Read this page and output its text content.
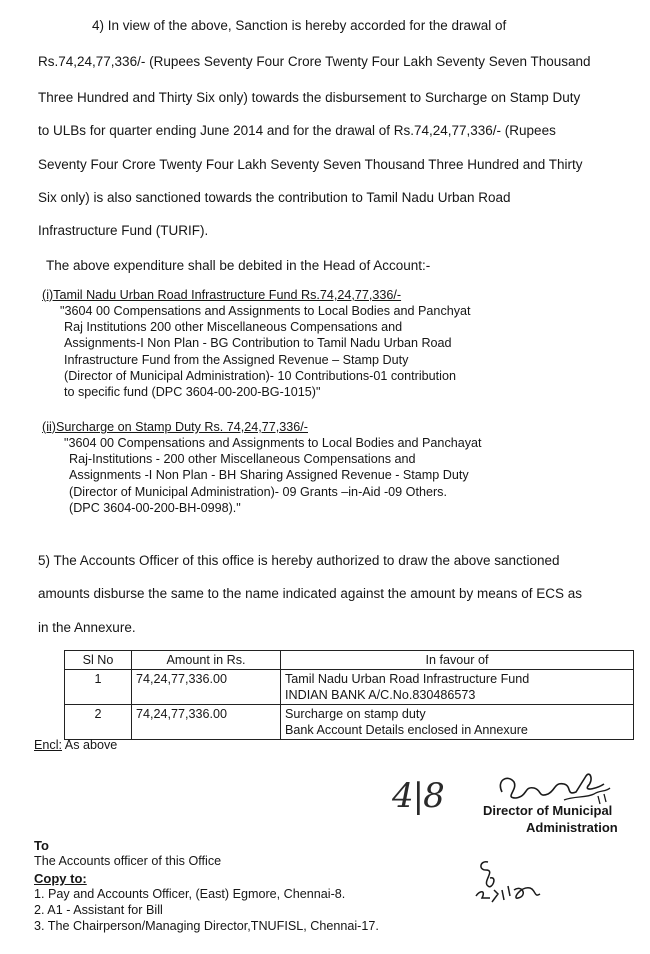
4) In view of the above, Sanction is hereby accorded for the drawal of
Rs.74,24,77,336/- (Rupees Seventy Four Crore Twenty Four Lakh Seventy Seven Thousand
Three Hundred and Thirty Six only) towards the disbursement to Surcharge on Stamp Duty
to ULBs for quarter ending June 2014 and for the drawal of Rs.74,24,77,336/- (Rupees
Seventy Four Crore Twenty Four Lakh Seventy Seven Thousand Three Hundred and Thirty
Six only) is also sanctioned towards the contribution to Tamil Nadu Urban Road
Infrastructure Fund (TURIF).
The above expenditure shall be debited in the Head of Account:-
(i)Tamil Nadu Urban Road Infrastructure Fund Rs.74,24,77,336/-
"3604 00 Compensations and Assignments to Local Bodies and Panchyat
Raj Institutions 200 other Miscellaneous Compensations and
Assignments-I Non Plan - BG Contribution to Tamil Nadu Urban Road
Infrastructure Fund from the Assigned Revenue – Stamp Duty
(Director of Municipal Administration)- 10 Contributions-01 contribution
to specific fund (DPC 3604-00-200-BG-1015)"
(ii)Surcharge on Stamp Duty Rs. 74,24,77,336/-
"3604 00 Compensations and Assignments to Local Bodies and Panchayat
Raj-Institutions - 200 other Miscellaneous Compensations and
Assignments -I Non Plan - BH Sharing Assigned Revenue - Stamp Duty
(Director of Municipal Administration)- 09 Grants –in-Aid -09 Others.
(DPC 3604-00-200-BH-0998)."
5) The Accounts Officer of this office is hereby authorized to draw the above sanctioned
amounts disburse the same to the name indicated against the amount by means of ECS as
in the Annexure.
Sl No	Amount in Rs.	In favour of
1	74,24,77,336.00	Tamil Nadu Urban Road Infrastructure Fund
INDIAN BANK A/C.No.830486573

2	74,24,77,336.00	Surcharge on stamp duty
Bank Account Details enclosed in Annexure
Encl: As above
4|8	Director of Municipal
Administration
To
The Accounts officer of this Office
Copy to:
1. Pay and Accounts Officer, (East) Egmore, Chennai-8.
2. A1 - Assistant for Bill
3. The Chairperson/Managing Director,TNUFISL, Chennai-17.
